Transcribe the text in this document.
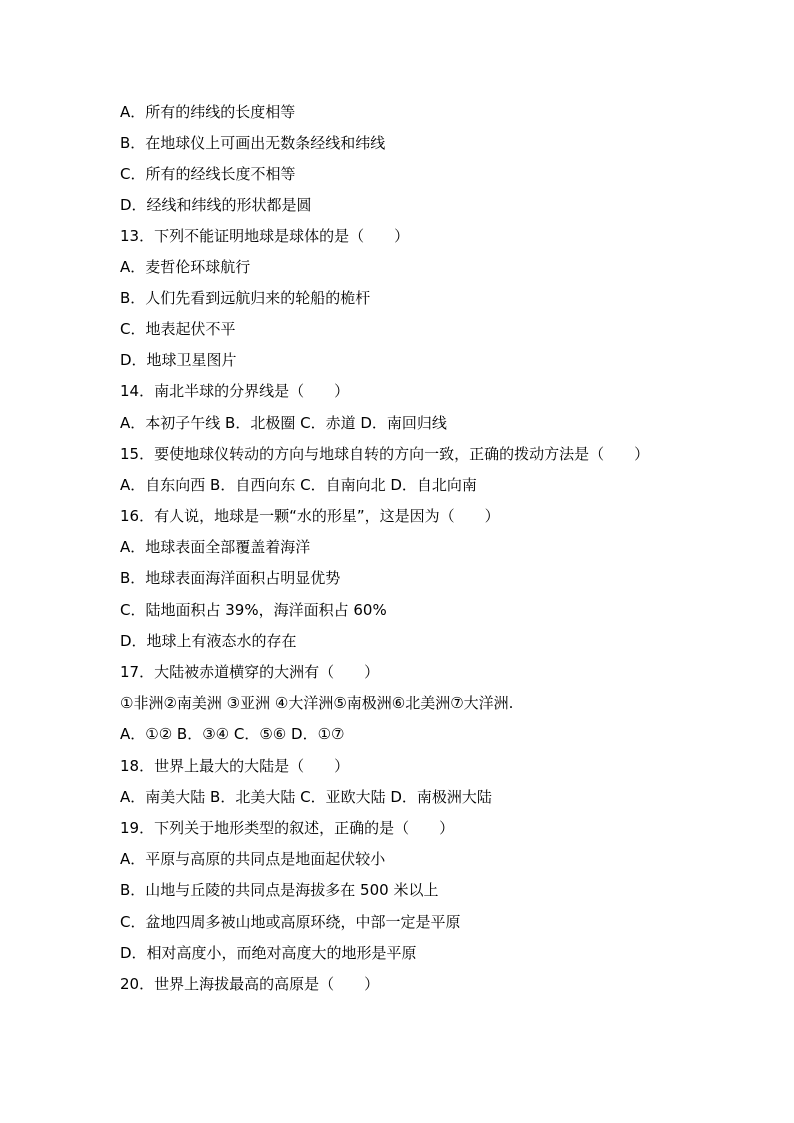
A．所有的纬线的长度相等
B．在地球仪上可画出无数条经线和纬线
C．所有的经线长度不相等
D．经线和纬线的形状都是圆
13．下列不能证明地球是球体的是（　　）
A．麦哲伦环球航行
B．人们先看到远航归来的轮船的桅杆
C．地表起伏不平
D．地球卫星图片
14．南北半球的分界线是（　　）
A．本初子午线 B．北极圈 C．赤道 D．南回归线
15．要使地球仪转动的方向与地球自转的方向一致，正确的拨动方法是（　　）
A．自东向西 B．自西向东 C．自南向北 D．自北向南
16．有人说，地球是一颗“水的形星”，这是因为（　　）
A．地球表面全部覆盖着海洋
B．地球表面海洋面积占明显优势
C．陆地面积占 39%，海洋面积占 60%
D．地球上有液态水的存在
17．大陆被赤道横穿的大洲有（　　）
①非洲②南美洲 ③亚洲 ④大洋洲⑤南极洲⑥北美洲⑦大洋洲.
A．①② B．③④ C．⑤⑥ D．①⑦
18．世界上最大的大陆是（　　）
A．南美大陆 B．北美大陆 C．亚欧大陆 D．南极洲大陆
19．下列关于地形类型的叙述，正确的是（　　）
A．平原与高原的共同点是地面起伏较小
B．山地与丘陵的共同点是海拔多在 500 米以上
C．盆地四周多被山地或高原环绕，中部一定是平原
D．相对高度小，而绝对高度大的地形是平原
20．世界上海拔最高的高原是（　　）
